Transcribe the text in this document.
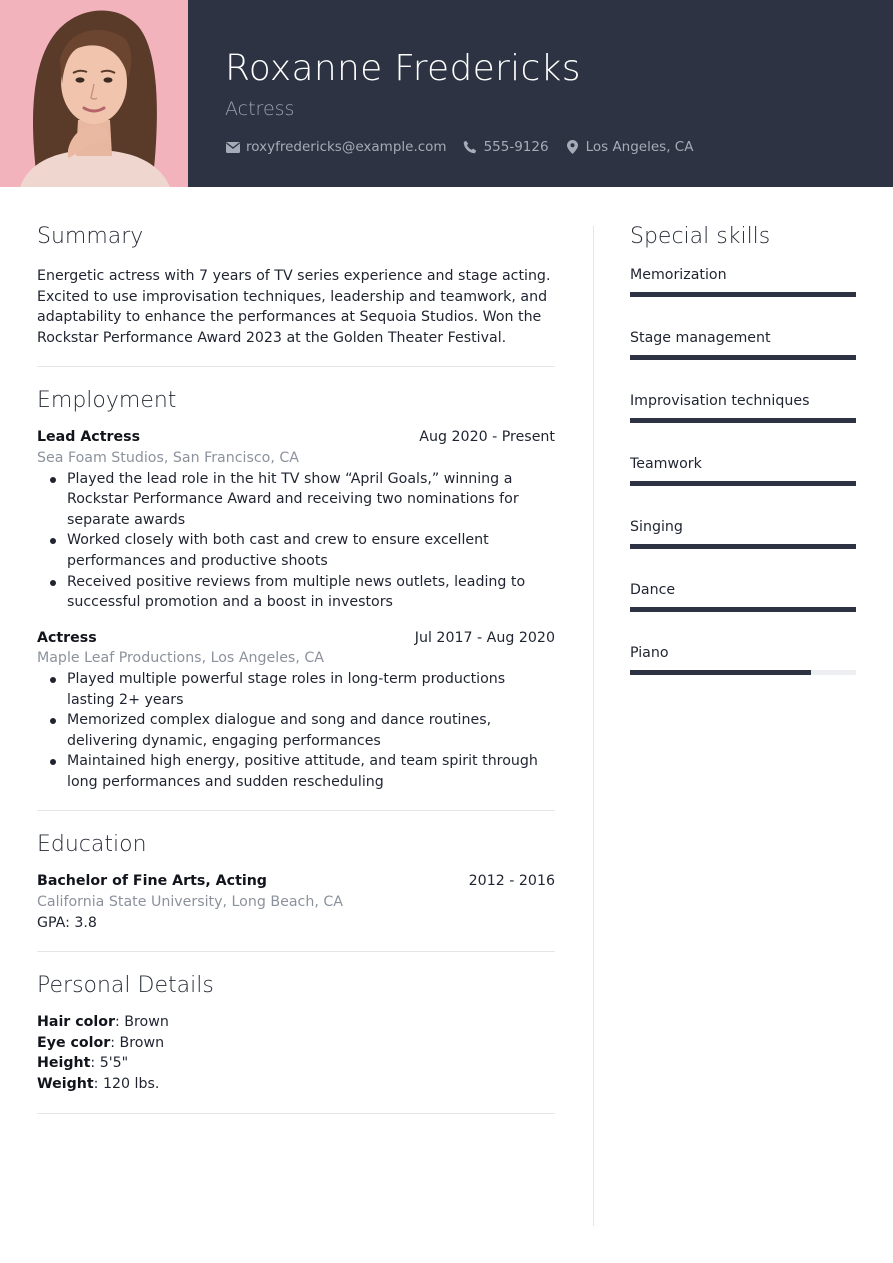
Roxanne Fredericks
Actress
roxyfredericks@example.com	555-9126	Los Angeles, CA
Summary

Energetic actress with 7 years of TV series experience and stage acting. Excited to use improvisation techniques, leadership and teamwork, and adaptability to enhance the performances at Sequoia Studios. Won the Rockstar Performance Award 2023 at the Golden Theater Festival.

Employment
Lead Actress	Aug 2020 - Present
Sea Foam Studios, San Francisco, CA
Played the lead role in the hit TV show “April Goals,” winning a Rockstar Performance Award and receiving two nominations for separate awards
Worked closely with both cast and crew to ensure excellent performances and productive shoots
Received positive reviews from multiple news outlets, leading to successful promotion and a boost in investors
Actress	Jul 2017 - Aug 2020
Maple Leaf Productions, Los Angeles, CA
Played multiple powerful stage roles in long-term productions lasting 2+ years
Memorized complex dialogue and song and dance routines, delivering dynamic, engaging performances
Maintained high energy, positive attitude, and team spirit through long performances and sudden rescheduling
Education
Bachelor of Fine Arts, Acting	2012 - 2016
California State University, Long Beach, CA
GPA: 3.8
Personal Details
Hair color: Brown
Eye color: Brown
Height: 5'5"
Weight: 120 lbs.
Special skills
Memorization
Stage management
Improvisation techniques
Teamwork
Singing
Dance
Piano
